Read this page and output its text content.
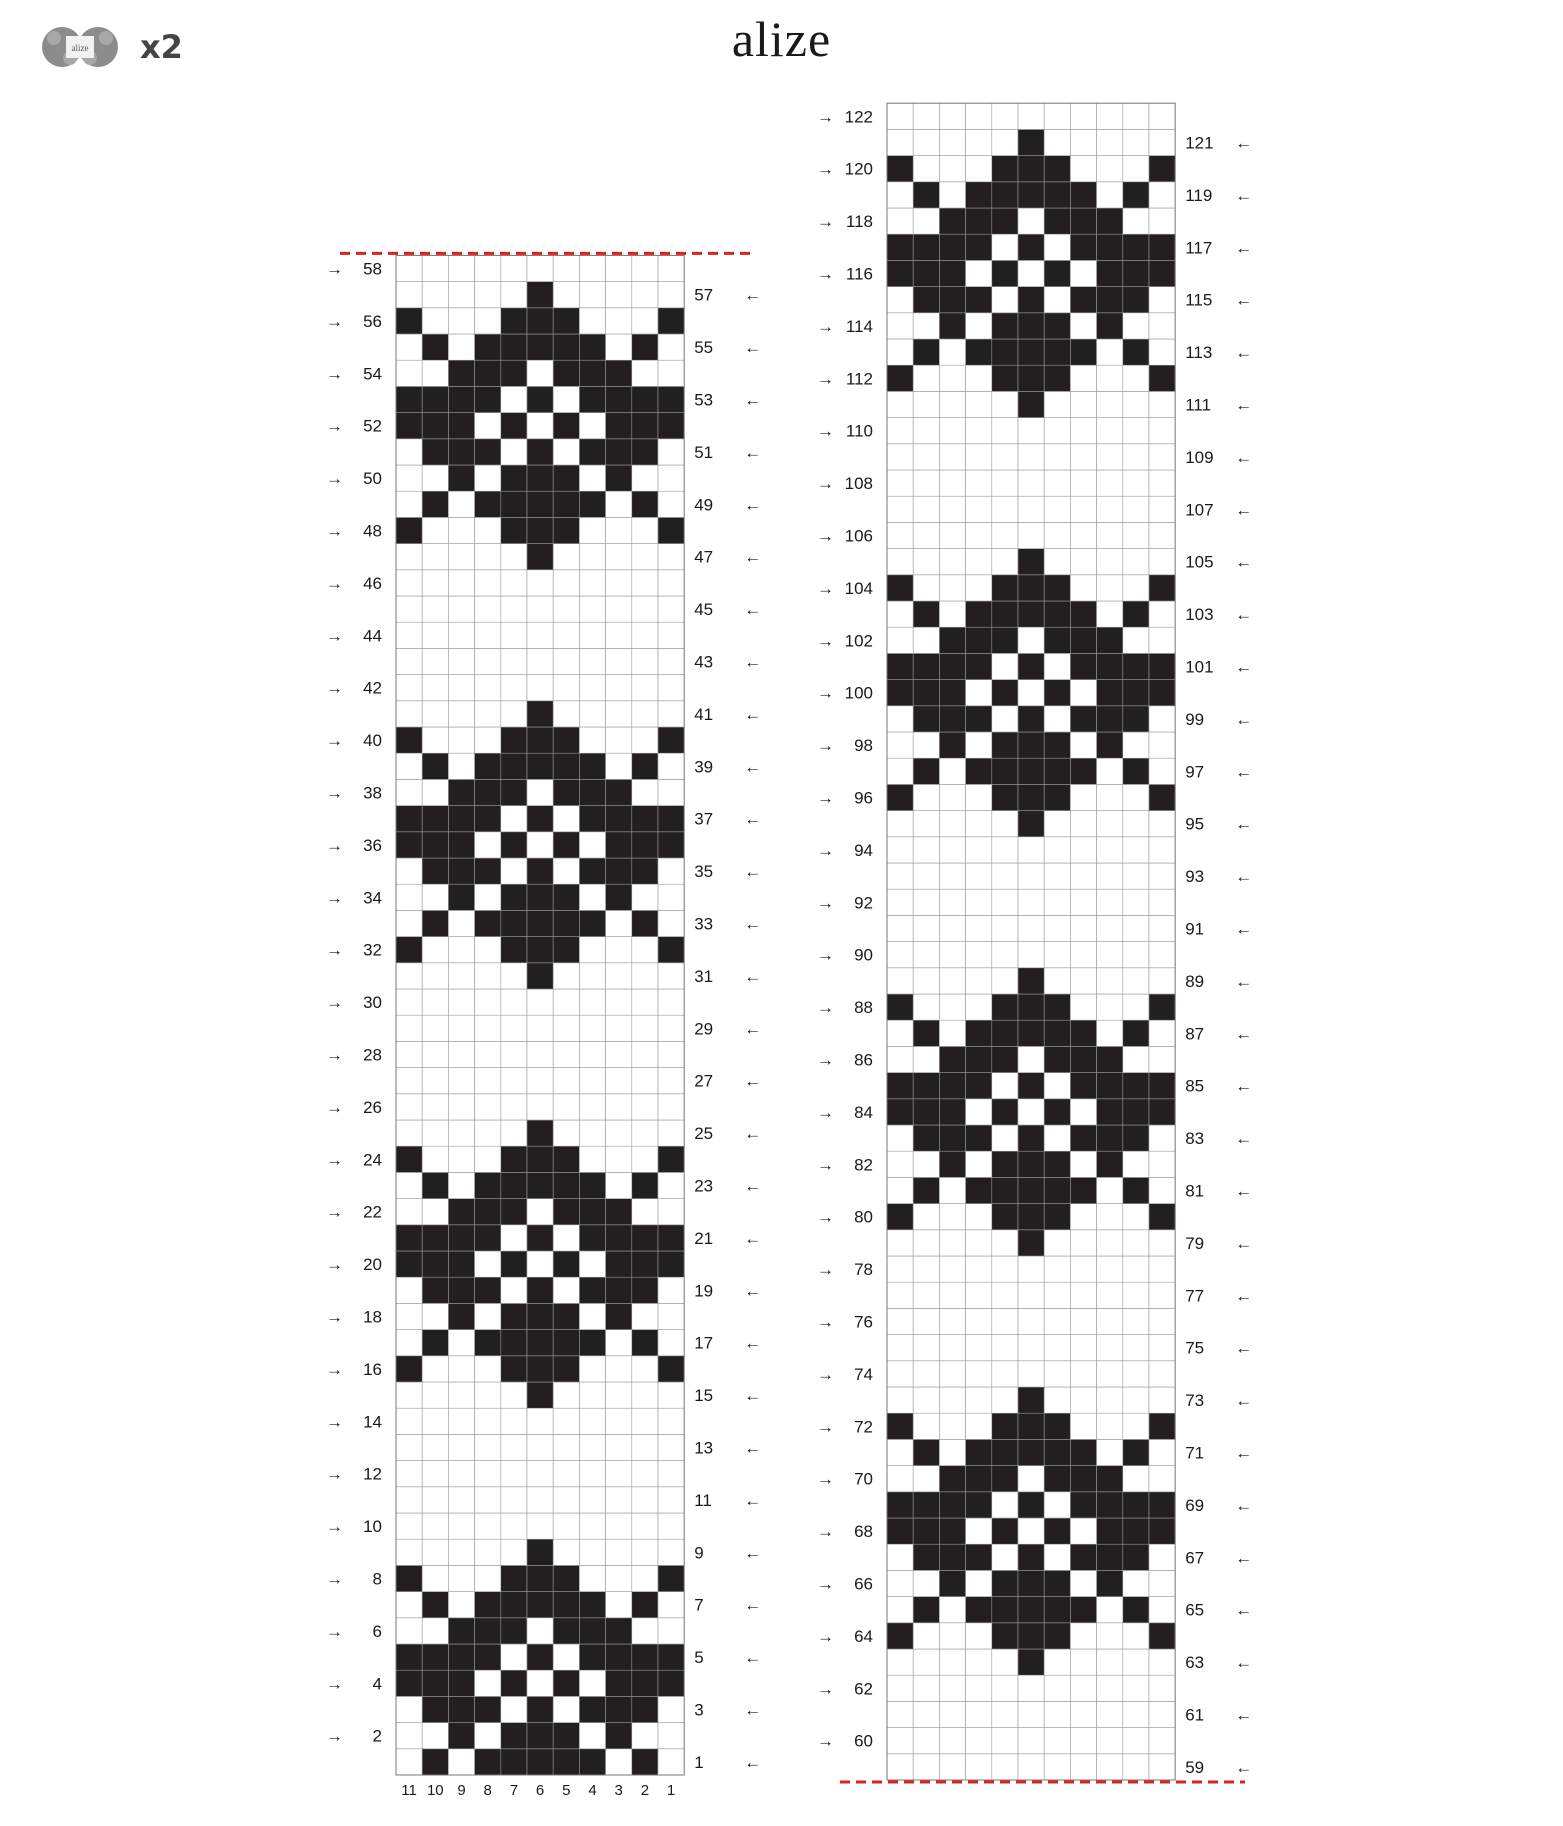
alize x2	alize
1 ←
2
→
3 ←
4
→
5 ←
6
→
7 ←
8
→
9 ←
10
→
11 ←
12
→
13 ←
14
→
15 ←
16
→
17 ←
18
→
19 ←
20
→
21 ←
22
→
23 ←
24
→
25 ←
26
→
27 ←
28
→
29 ←
30
→
31 ←
32
→
33 ←
34
→
35 ←
36
→
37 ←
38
→
39 ←
40
→
41 ←
42
→
43 ←
44
→
45 ←
46
→
47 ←
48
→
49 ←
50
→
51 ←
52
→
53 ←
54
→
55 ←
56
→
57 ←
58
→
11 10 9 8 7 6 5 4 3 2 1
59 ←
60
→
61 ←
62
→
63 ←
64
→
65 ←
66
→
67 ←
68
→
69 ←
70
→
71 ←
72
→
73 ←
74
→
75 ←
76
→
77 ←
78
→
79 ←
80
→
81 ←
82
→
83 ←
84
→
85 ←
86
→
87 ←
88
→
89 ←
90
→
91 ←
92
→
93 ←
94
→
95 ←
96
→
97 ←
98
→
99 ←
100
→
101 ←
102
→
103 ←
104
→
105 ←
106
→
107 ←
108
→
109 ←
110
→
111 ←
112
→
113 ←
114
→
115 ←
116
→
117 ←
118
→
119 ←
120
→
121 ←
122
→
